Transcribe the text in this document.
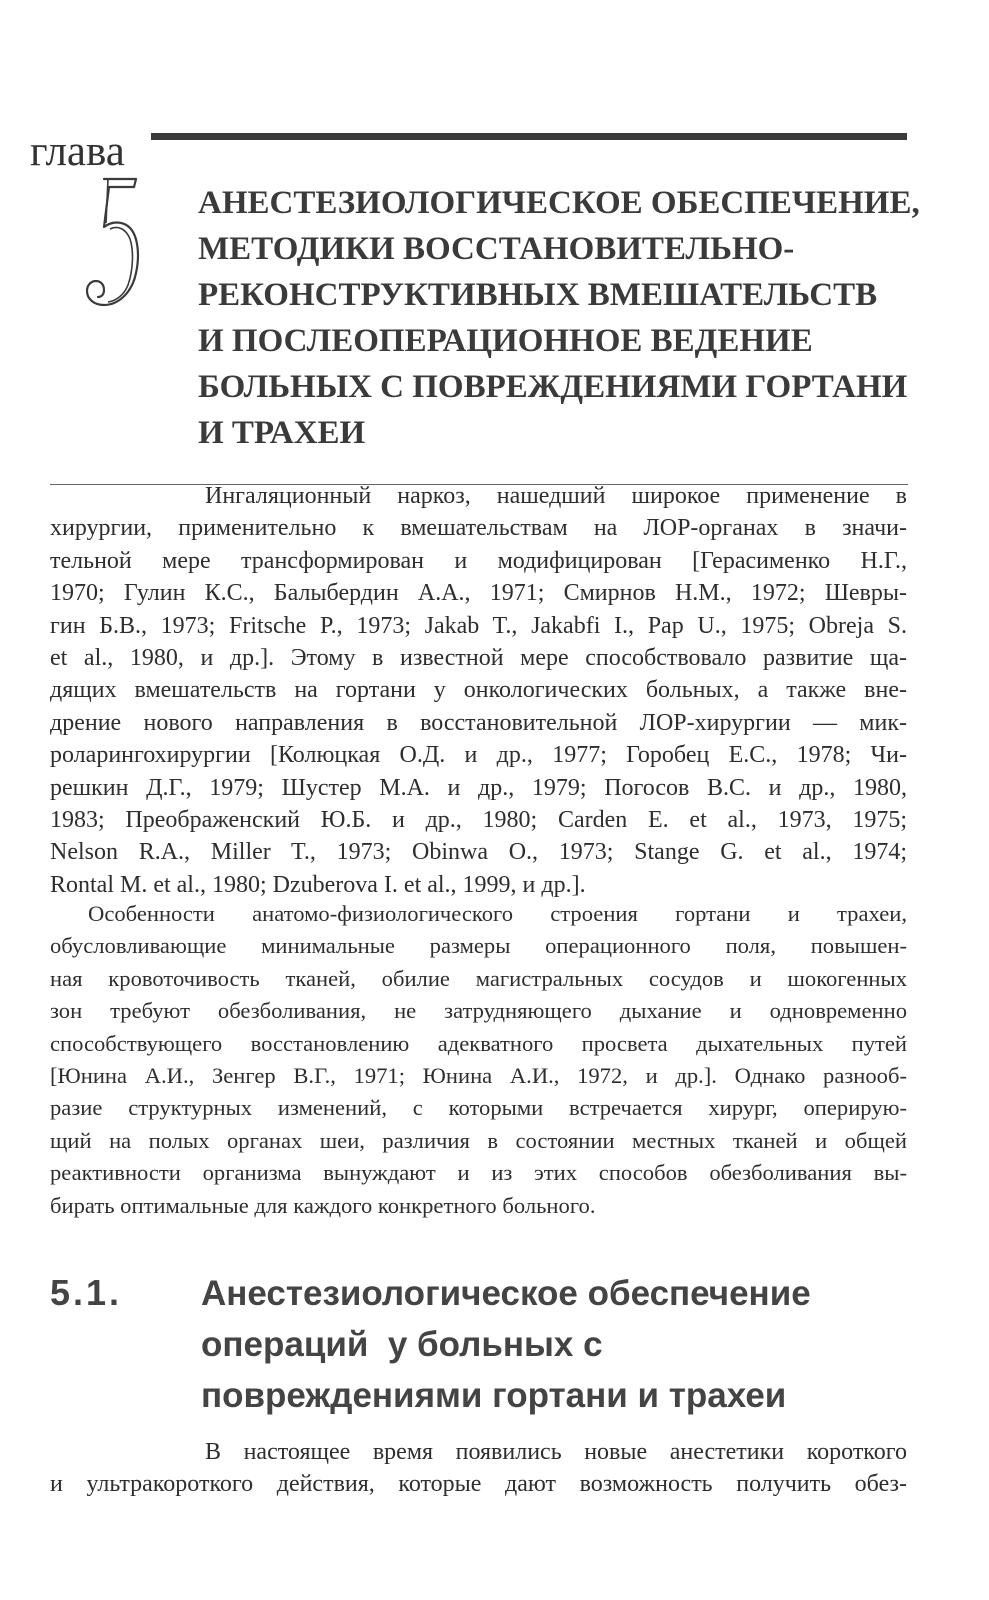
глава
АНЕСТЕЗИОЛОГИЧЕСКОЕ ОБЕСПЕЧЕНИЕ,
МЕТОДИКИ ВОССТАНОВИТЕЛЬНО-
РЕКОНСТРУКТИВНЫХ ВМЕШАТЕЛЬСТВ
И ПОСЛЕОПЕРАЦИОННОЕ ВЕДЕНИЕ
БОЛЬНЫХ С ПОВРЕЖДЕНИЯМИ ГОРТАНИ
И ТРАХЕИ

Ингаляционный наркоз, нашедший широкое применение в
хирургии, применительно к вмешательствам на ЛОР-органах в значи-
тельной мере трансформирован и модифицирован [Герасименко Н.Г.,
1970; Гулин К.С., Балыбердин А.А., 1971; Смирнов Н.М., 1972; Шевры-
гин Б.В., 1973; Fritsche P., 1973; Jakab T., Jakabfi I., Pap U., 1975; Obreja S.
et al., 1980, и др.]. Этому в известной мере способствовало развитие ща-
дящих вмешательств на гортани у онкологических больных, а также вне-
дрение нового направления в восстановительной ЛОР-хирургии — мик-
роларингохирургии [Колюцкая О.Д. и др., 1977; Горобец Е.С., 1978; Чи-
решкин Д.Г., 1979; Шустер М.А. и др., 1979; Погосов В.С. и др., 1980,
1983; Преображенский Ю.Б. и др., 1980; Carden E. et al., 1973, 1975;
Nelson R.A., Miller T., 1973; Obinwa O., 1973; Stange G. et al., 1974;
Rontal M. et al., 1980; Dzuberova I. et al., 1999, и др.].

Особенности анатомо-физиологического строения гортани и трахеи,
обусловливающие минимальные размеры операционного поля, повышен-
ная кровоточивость тканей, обилие магистральных сосудов и шокогенных
зон требуют обезболивания, не затрудняющего дыхание и одновременно
способствующего восстановлению адекватного просвета дыхательных путей
[Юнина А.И., Зенгер В.Г., 1971; Юнина А.И., 1972, и др.]. Однако разнооб-
разие структурных изменений, с которыми встречается хирург, оперирую-
щий на полых органах шеи, различия в состоянии местных тканей и общей
реактивности организма вынуждают и из этих способов обезболивания вы-
бирать оптимальные для каждого конкретного больного.

5.1. Анестезиологическое обеспечение
операций  у больных с
повреждениями гортани и трахеи

В настоящее время появились новые анестетики короткого
и ультракороткого действия, которые дают возможность получить обез-
